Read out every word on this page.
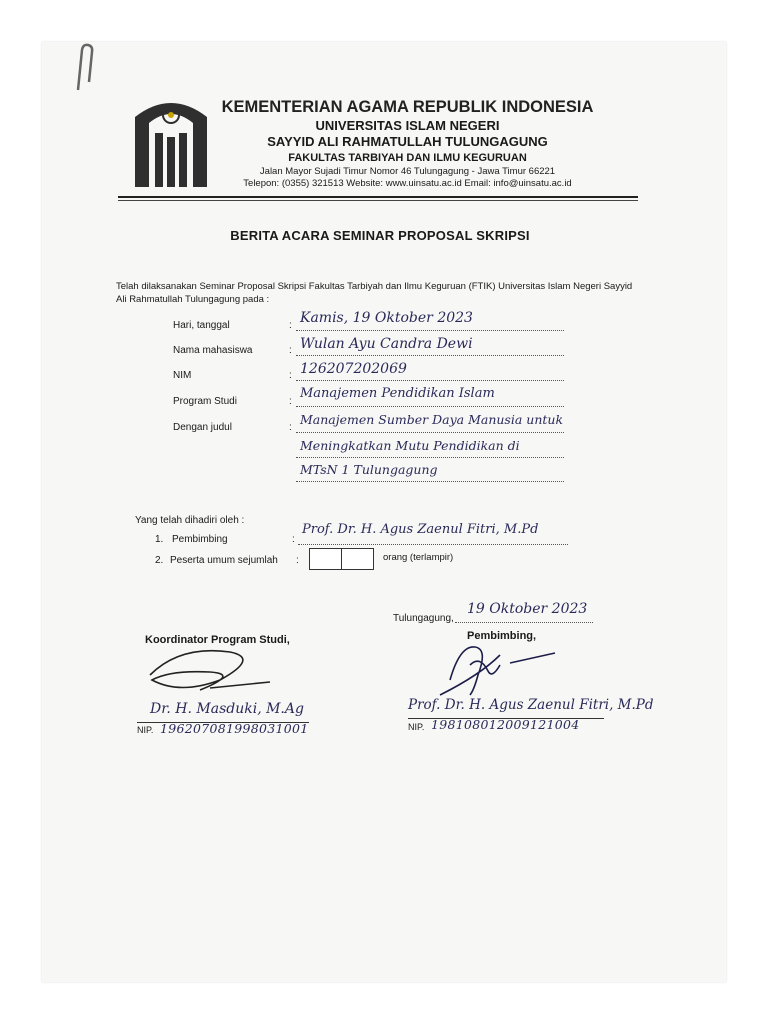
KEMENTERIAN AGAMA REPUBLIK INDONESIA
UNIVERSITAS ISLAM NEGERI
SAYYID ALI RAHMATULLAH TULUNGAGUNG
FAKULTAS TARBIYAH DAN ILMU KEGURUAN
Jalan Mayor Sujadi Timur Nomor 46 Tulungagung - Jawa Timur 66221
Telepon: (0355) 321513 Website: www.uinsatu.ac.id Email: info@uinsatu.ac.id
BERITA ACARA SEMINAR PROPOSAL SKRIPSI
Telah dilaksanakan Seminar Proposal Skripsi Fakultas Tarbiyah dan Ilmu Keguruan (FTIK) Universitas Islam Negeri Sayyid Ali Rahmatullah Tulungagung pada :
Hari, tanggal	: Kamis, 19 Oktober 2023
Nama mahasiswa	: Wulan Ayu Candra Dewi
NIM	: 126207202069
Program Studi	:
Manajemen Pendidikan Islam
Dengan judul	:
Manajemen Sumber Daya Manusia untuk
Meningkatkan Mutu Pendidikan di
MTsN 1 Tulungagung
Yang telah dihadiri oleh :
1. Pembimbing	:
Prof. Dr. H. Agus Zaenul Fitri, M.Pd
2. Peserta umum sejumlah :	orang (terlampir)
Tulungagung,
19 Oktober 2023
Koordinator Program Studi,	Pembimbing,
Dr. H. Masduki, M.Ag
NIP. 196207081998031001
Prof. Dr. H. Agus Zaenul Fitri, M.Pd
NIP. 198108012009121004
